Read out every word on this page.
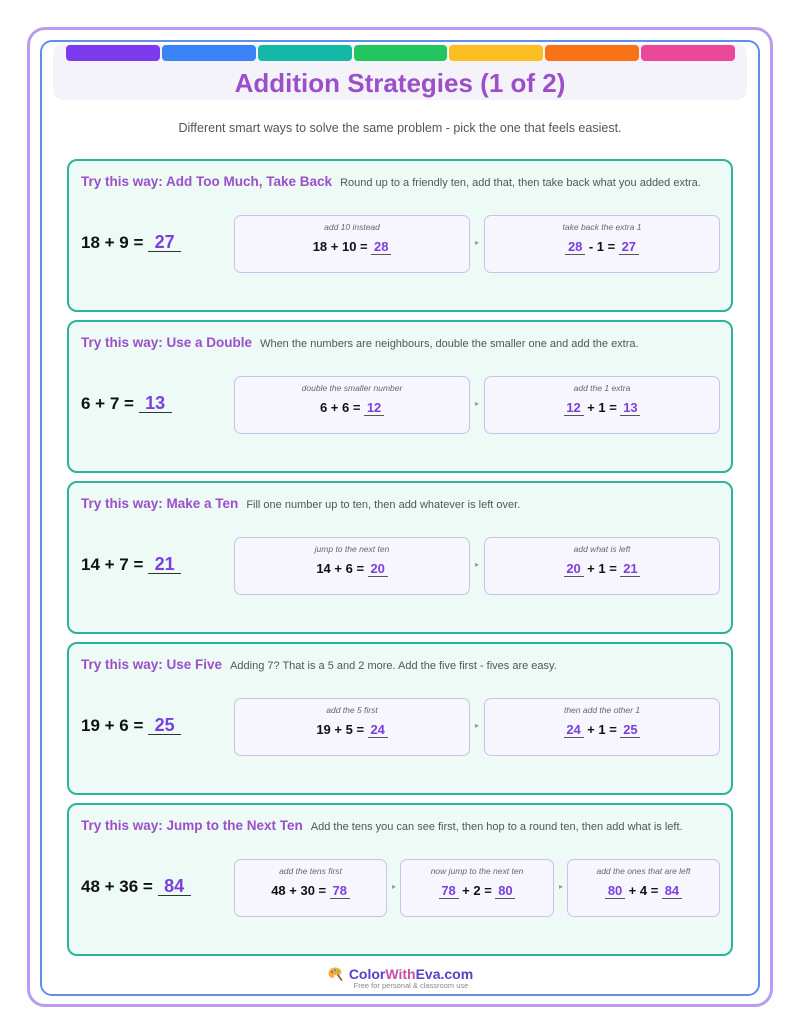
Addition Strategies (1 of 2)

Different smart ways to solve the same problem - pick the one that feels easiest.

Try this way: Add Too Much, Take Back Round up to a friendly ten, add that, then take back what you added extra.
18 + 9 = 27
add 10 instead
18 + 10 = 28
take back the extra 1
28 - 1 = 27
▸
Try this way: Use a Double When the numbers are neighbours, double the smaller one and add the extra.
6 + 7 = 13
double the smaller number
6 + 6 = 12
add the 1 extra
12 + 1 = 13
▸
Try this way: Make a Ten Fill one number up to ten, then add whatever is left over.
14 + 7 = 21
jump to the next ten
14 + 6 = 20
add what is left
20 + 1 = 21
▸
Try this way: Use Five Adding 7? That is a 5 and 2 more. Add the five first - fives are easy.
19 + 6 = 25
add the 5 first
19 + 5 = 24
then add the other 1
24 + 1 = 25
▸
Try this way: Jump to the Next Ten Add the tens you can see first, then hop to a round ten, then add what is left.
48 + 36 = 84
add the tens first
48 + 30 = 78
now jump to the next ten
78 + 2 = 80
add the ones that are left
80 + 4 = 84
▸	▸
ColorWithEva.com
Free for personal & classroom use
